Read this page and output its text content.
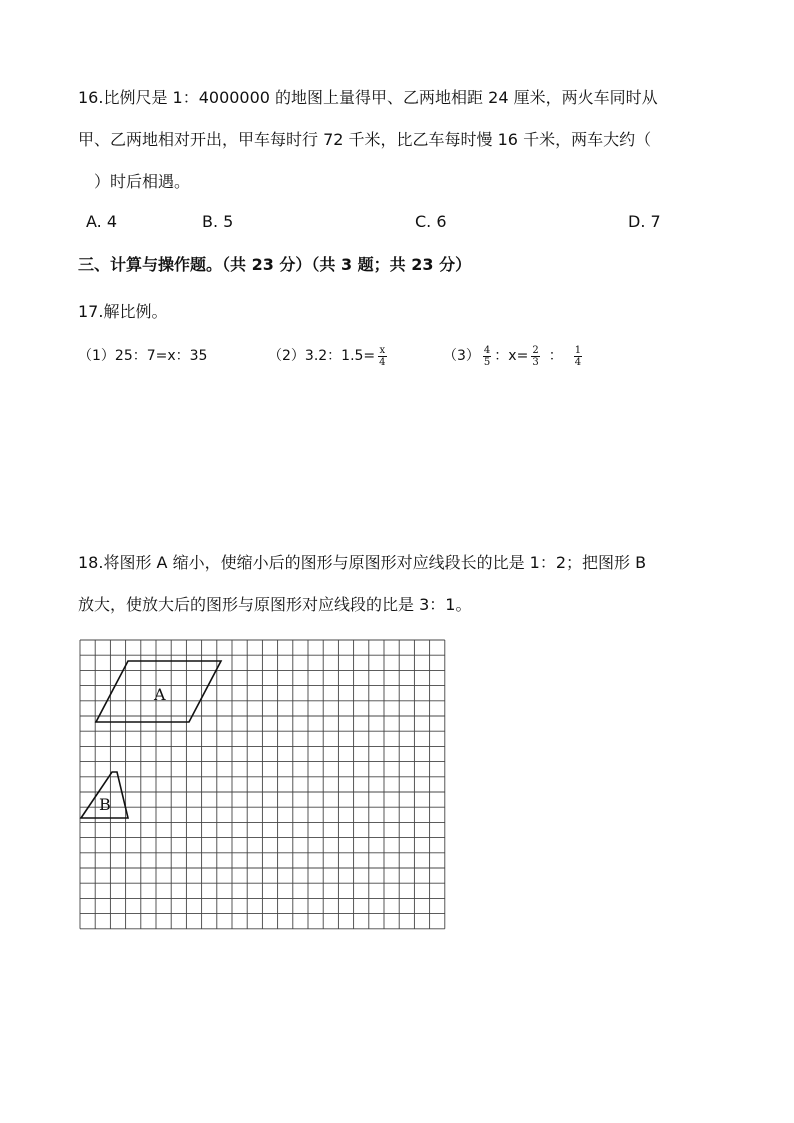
16.比例尺是 1：4000000 的地图上量得甲、乙两地相距 24 厘米，两火车同时从
甲、乙两地相对开出，甲车每时行 72 千米，比乙车每时慢 16 千米，两车大约（
）时后相遇。
A. 4	B. 5	C. 6	D. 7
三、计算与操作题。（共 23 分）（共 3 题；共 23 分）
17.解比例。
（1）25：7=x：35	（2）3.2：$1.5= \frac{x}{4}$	$(3) \frac{4}{5}$ ：$x= \frac{2}{3}$ ： $\frac{1}{4}$
18.将图形 A 缩小，使缩小后的图形与原图形对应线段长的比是 1：2；把图形 B
放大，使放大后的图形与原图形对应线段的比是 3：1。
A
B
